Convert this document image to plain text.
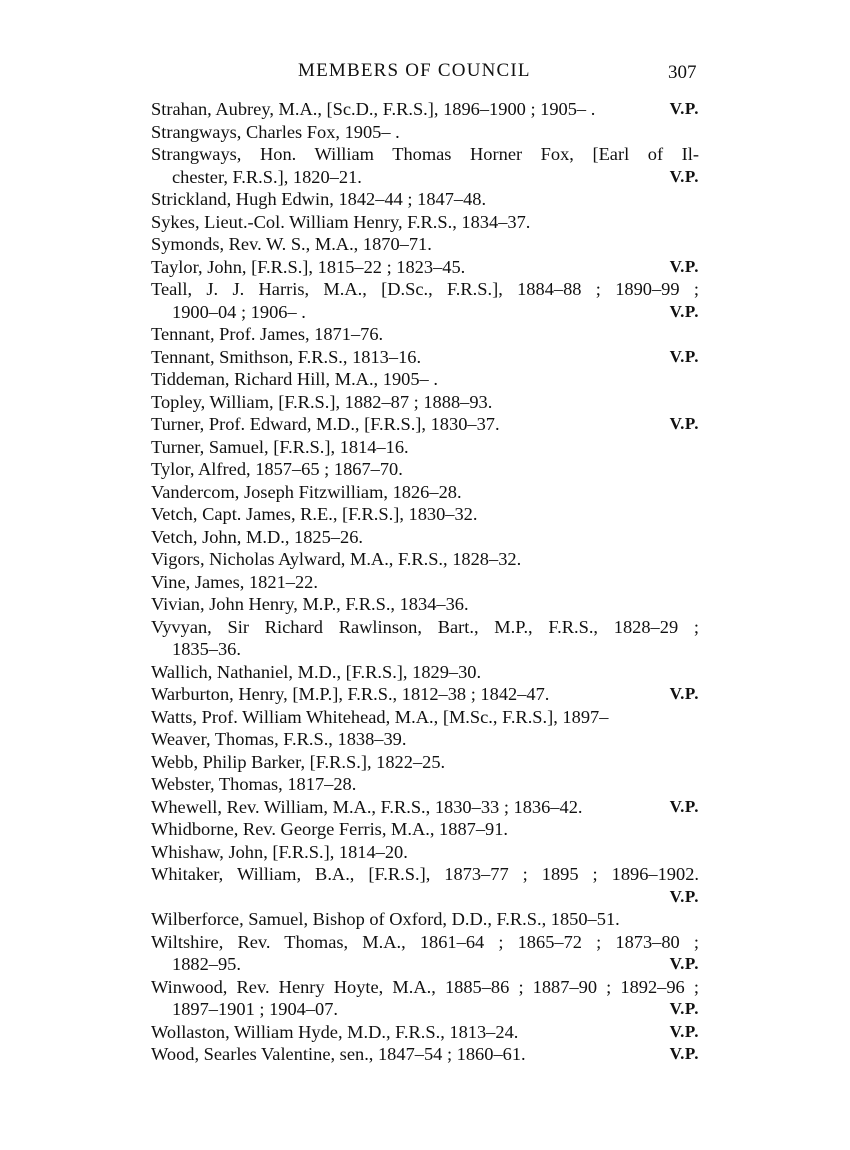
MEMBERS OF COUNCIL	307
Strahan, Aubrey, M.A., [Sc.D., F.R.S.], 1896–1900 ; 1905– .	V.P.
Strangways, Charles Fox, 1905– .
Strangways, Hon. William Thomas Horner Fox, [Earl of Il-
chester, F.R.S.], 1820–21.	V.P.
Strickland, Hugh Edwin, 1842–44 ; 1847–48.
Sykes, Lieut.-Col. William Henry, F.R.S., 1834–37.
Symonds, Rev. W. S., M.A., 1870–71.
Taylor, John, [F.R.S.], 1815–22 ; 1823–45.	V.P.
Teall, J. J. Harris, M.A., [D.Sc., F.R.S.], 1884–88 ; 1890–99 ;
1900–04 ; 1906– .	V.P.
Tennant, Prof. James, 1871–76.
Tennant, Smithson, F.R.S., 1813–16.	V.P.
Tiddeman, Richard Hill, M.A., 1905– .
Topley, William, [F.R.S.], 1882–87 ; 1888–93.
Turner, Prof. Edward, M.D., [F.R.S.], 1830–37.	V.P.
Turner, Samuel, [F.R.S.], 1814–16.
Tylor, Alfred, 1857–65 ; 1867–70.
Vandercom, Joseph Fitzwilliam, 1826–28.
Vetch, Capt. James, R.E., [F.R.S.], 1830–32.
Vetch, John, M.D., 1825–26.
Vigors, Nicholas Aylward, M.A., F.R.S., 1828–32.
Vine, James, 1821–22.
Vivian, John Henry, M.P., F.R.S., 1834–36.
Vyvyan, Sir Richard Rawlinson, Bart., M.P., F.R.S., 1828–29 ;
1835–36.
Wallich, Nathaniel, M.D., [F.R.S.], 1829–30.
Warburton, Henry, [M.P.], F.R.S., 1812–38 ; 1842–47.	V.P.
Watts, Prof. William Whitehead, M.A., [M.Sc., F.R.S.], 1897–
Weaver, Thomas, F.R.S., 1838–39.
Webb, Philip Barker, [F.R.S.], 1822–25.
Webster, Thomas, 1817–28.
Whewell, Rev. William, M.A., F.R.S., 1830–33 ; 1836–42.	V.P.
Whidborne, Rev. George Ferris, M.A., 1887–91.
Whishaw, John, [F.R.S.], 1814–20.
Whitaker, William, B.A., [F.R.S.], 1873–77 ; 1895 ; 1896–1902.
V.P.
Wilberforce, Samuel, Bishop of Oxford, D.D., F.R.S., 1850–51.
Wiltshire, Rev. Thomas, M.A., 1861–64 ; 1865–72 ; 1873–80 ;
1882–95.	V.P.
Winwood, Rev. Henry Hoyte, M.A., 1885–86 ; 1887–90 ; 1892–96 ;
1897–1901 ; 1904–07.	V.P.
Wollaston, William Hyde, M.D., F.R.S., 1813–24.	V.P.
Wood, Searles Valentine, sen., 1847–54 ; 1860–61.	V.P.
